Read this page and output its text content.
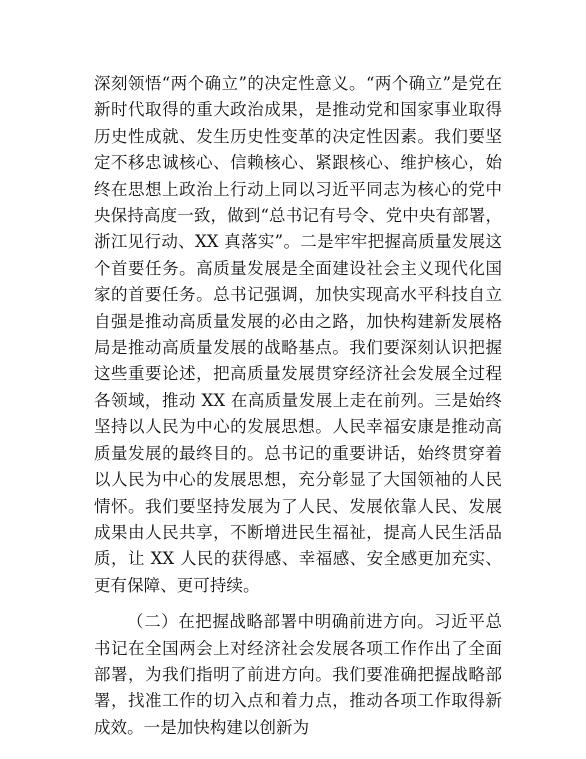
深刻领悟“两个确立”的决定性意义。“两个确立”是党在新时代取得的重大政治成果，是推动党和国家事业取得历史性成就、发生历史性变革的决定性因素。我们要坚定不移忠诚核心、信赖核心、紧跟核心、维护核心，始终在思想上政治上行动上同以习近平同志为核心的党中央保持高度一致，做到“总书记有号令、党中央有部署，浙江见行动、XX 真落实”。二是牢牢把握高质量发展这个首要任务。高质量发展是全面建设社会主义现代化国家的首要任务。总书记强调，加快实现高水平科技自立自强是推动高质量发展的必由之路，加快构建新发展格局是推动高质量发展的战略基点。我们要深刻认识把握这些重要论述，把高质量发展贯穿经济社会发展全过程各领域，推动 XX 在高质量发展上走在前列。三是始终坚持以人民为中心的发展思想。人民幸福安康是推动高质量发展的最终目的。总书记的重要讲话，始终贯穿着以人民为中心的发展思想，充分彰显了大国领袖的人民情怀。我们要坚持发展为了人民、发展依靠人民、发展成果由人民共享，不断增进民生福祉，提高人民生活品质，让 XX 人民的获得感、幸福感、安全感更加充实、更有保障、更可持续。

（二）在把握战略部署中明确前进方向。习近平总书记在全国两会上对经济社会发展各项工作作出了全面部署，为我们指明了前进方向。我们要准确把握战略部署，找准工作的切入点和着力点，推动各项工作取得新成效。一是加快构建以创新为
